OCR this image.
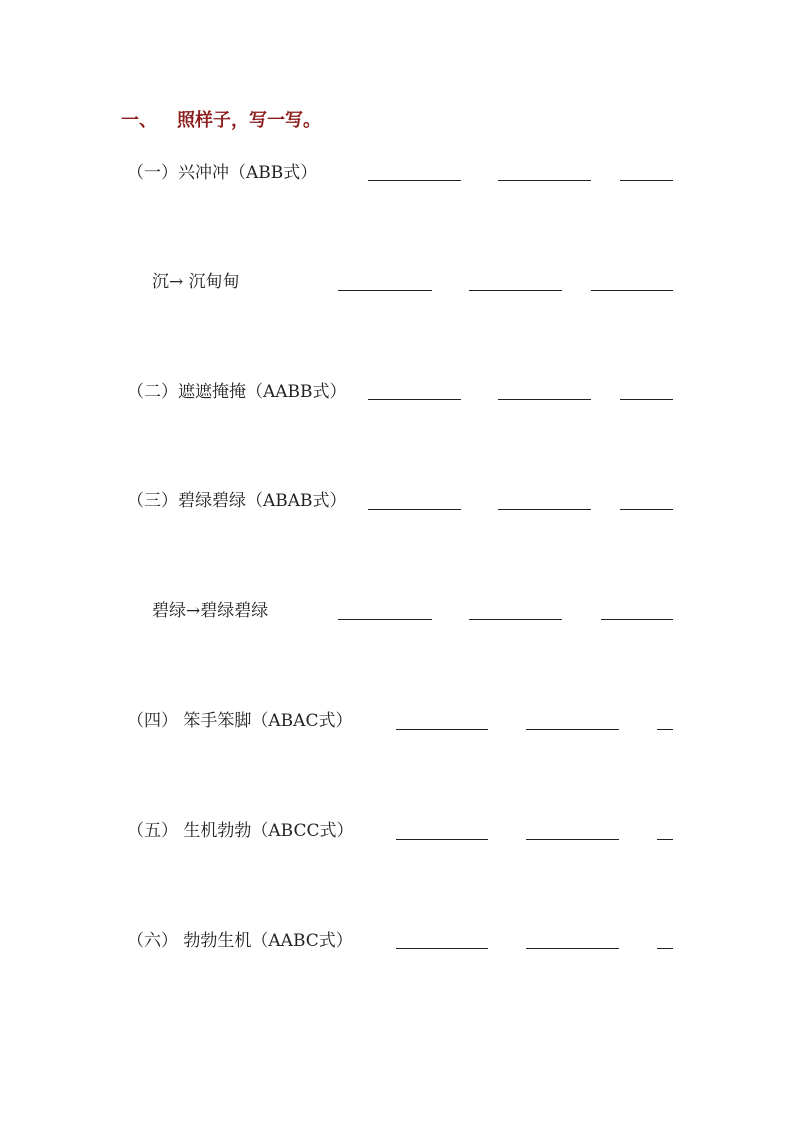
一、 照样子，写一写。
（一）兴冲冲（ABB式）
沉→ 沉甸甸
（二）遮遮掩掩（AABB式）
（三）碧绿碧绿（ABAB式）
碧绿→碧绿碧绿
（四） 笨手笨脚（ABAC式）
（五） 生机勃勃（ABCC式）
（六） 勃勃生机（AABC式）
